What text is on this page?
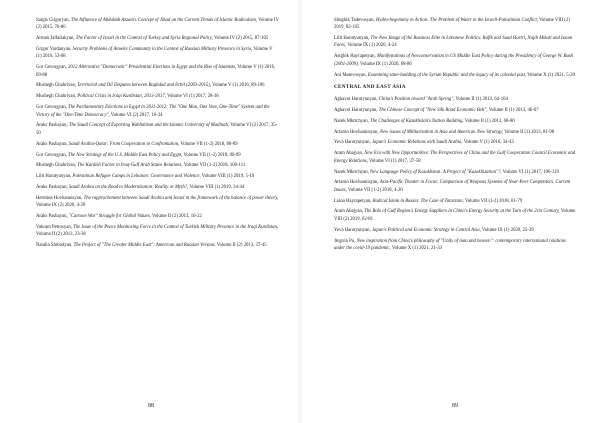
Sargis Grigoryan, The Influence of Abdullah Azzam's Concept of Jihad on the Current Trends of Islamic Radicalism, Volume IV (2) 2015, 76-86
Armen Jalfaliakyan, The Factor of Israel in the Context of Turkey and Syria Regional Policy, Volume IV (2) 2015, 87-105
Grigor Vardanyan, Security Problems of Alawite Community in the Context of Russian Military Presence in Syria, Volume V (1) 2016, 53-68
Gor Gevorgyan, 2012 Alternative "Democratic" Presidential Elections in Egypt and the Rise of Islamists, Volume V (1) 2016, 69-88
Mushegh Ghahriyan, Territorial and Oil Disputes between Baghdad and Erbil (2003-2015), Volume V (1) 2016, 89-106
Mushegh Ghahriyan, Political Crisis in Iraqi Kurdistan, 2013-2017, Volume VI (1) 2017, 28-36
Gor Gevorgyan, The Parliamentary Elections in Egypt in 2011-2012: The "One Man, One Vote, One-Time" System and the Victory of the "One-Time Democracy", Volume VI (2) 2017, 16-34
Araks Pashayan, The Saudi Concept of Exporting Wahhabism and the Islamic University of Madinah, Volume VI (2) 2017, 35-50
Araks Pashayan, Saudi Arabia-Qatar: From Cooperation to Confrontation, Volume VII (1-2) 2018, 80-89
Gor Gevorgyan, The New Strategy of the U.S. Middle East Policy and Egypt, Volume VII (1-2) 2018, 90-99
Mushegh Ghahriyan, The Kurdish Factor in Iraq-Gulf Arab States Relations, Volume VII (1-2) 2018, 100-111
Lilit Harutyunyan, Palestinian Refugee Camps in Lebanon: Governance and Violence, Volume VIII (1) 2019, 5-19
Araks Pashayan, Saudi Arabia on the Road to Modernization: Reality or Myth?, Volume VIII (1) 2019, 34-44
Hermine Hovhannisyan, The rapprochement between Saudi Arabia and Israel in the framework of the balance of power theory, Volume IX (2) 2020, 4-29
Araks Pashayan, "Cartoon War" Struggle for Global Values, Volume II (2) 2013, 10-22
Vahram Petrosyan, The Issue of the Peace Monitoring Force in the Context of Turkish Military Presence in the Iraqi Kurdistan, Volume II (2) 2013, 23-36
Natalia Slobodyan, The Project of "The Greater Middle East": American and Russian Version, Volume II (2) 2013, 37-45
88
Shoghik Tadevosyan, Hydro-hegemony in Action: The Problem of Water in the Israeli-Palestinian Conflict, Volume VIII (2) 2019, 82-105
Lilit Harutyunyan, The New Image of the Business Elite in Lebanese Politics: Rafik and Saad Hariri, Najib Mikati and Issam Fares, Volume IX (1) 2020, 4-24
Astghik Hayrapetyan, Manifestations of Neoconservatism in US Middle East Policy during the Presidency of George W. Bush (2001-2009), Volume IX (1) 2020, 68-86
Ani Matevosyan, Examining state-building of the Syrian Republic and the legacy of its colonial past, Volume X (1) 2021, 5-20
CENTRAL AND EAST ASIA
Aghavni Harutyunyan, China's Position toward "Arab Spring", Volume II (1) 2013, 64-104
Aghavni Harutyunyan, The Chinese Concept of "New Silk Road Economic Belt", Volume II (1) 2013, 46-67
Narek Mkrtchyan, The Challenges of Kazakhstan's Nation Building, Volume II (1) 2013, 68-80
Artaron Hovhannisyan, New issues of Militarization in Asia and American New Strategy, Volume II (1) 2013, 81-98
Yeva Harutyunyan, Japan's Economic Relations with Saudi Arabia, Volume V (1) 2016, 34-43
Aram Abajyan, New Era with New Opportunities: The Perspectives of China and the Gulf Cooperation Council Economic and Energy Relations, Volume VI (1) 2017, 37-58
Narek Mkrtchyan, New Language Policy of Kazakhstan: A Project of "Kazakhization"?, Volume VI (1) 2017, 106-119
Artaron Hovhannisyan, Asia-Pacific Theater in Focus: Comparison of Weapons Systems of Near-Peer Competitors. Current Issues, Volume VII (1-2) 2018, 4-20
Liana Hayrapetyan, Radical Islam in Russia: The Case of Tatarstan, Volume VII (1-2) 2018, 61-79
Aram Abajyan, The Role of Gulf Region's Energy Suppliers in China's Energy Security at the Turn of the 21st Century, Volume VIII (2) 2019, 62-81
Yeva Harutyunyan, Japan's Political and Economic Strategy in Central Asia, Volume IX (1) 2020, 25-39
Jingxin Pu, New inspiration from China's philosophy of "Unity of man and heaven": contemporary international relations under the covid-19 pandemic, Volume X (1) 2021, 21-33
89
